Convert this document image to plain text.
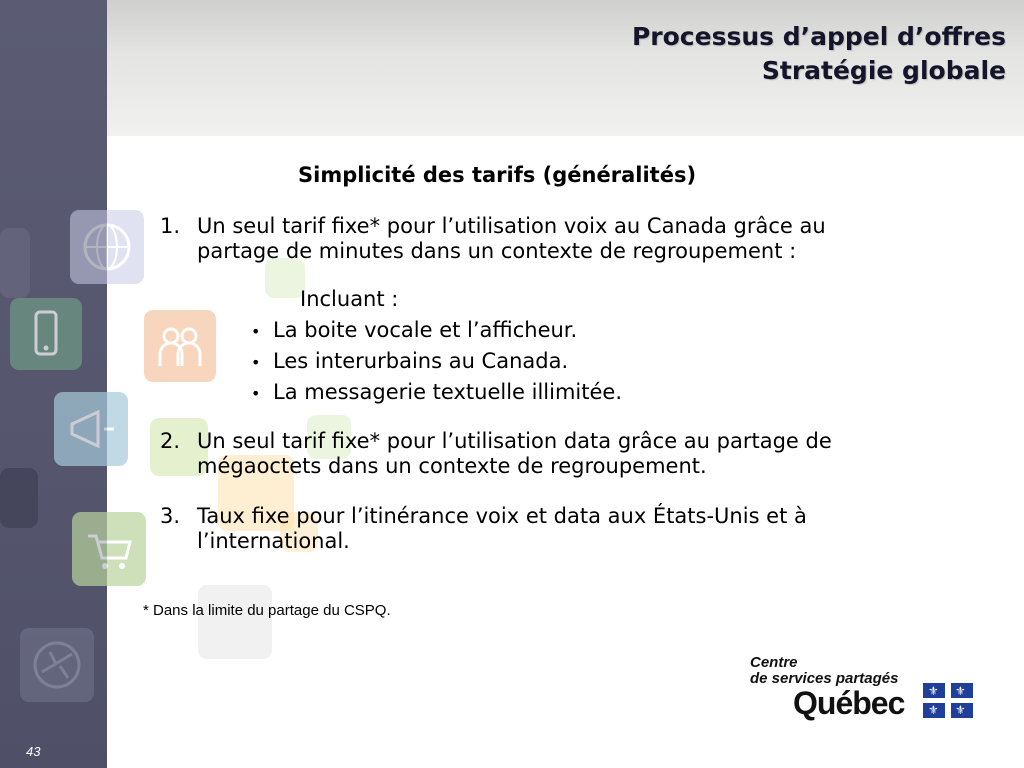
Processus d’appel d’offres
Stratégie globale
Simplicité des tarifs (généralités)
1. Un seul tarif fixe* pour l’utilisation voix au Canada grâce au
partage de minutes dans un contexte de regroupement :
Incluant :
• La boite vocale et l’afficheur.
• Les interurbains au Canada.
• La messagerie textuelle illimitée.
2. Un seul tarif fixe* pour l’utilisation data grâce au partage de
mégaoctets dans un contexte de regroupement.
3. Taux fixe pour l’itinérance voix et data aux États-Unis et à
l’international.
* Dans la limite du partage du CSPQ.
Centre
de services partagés
Québec ⚜ ⚜
⚜ ⚜
43
